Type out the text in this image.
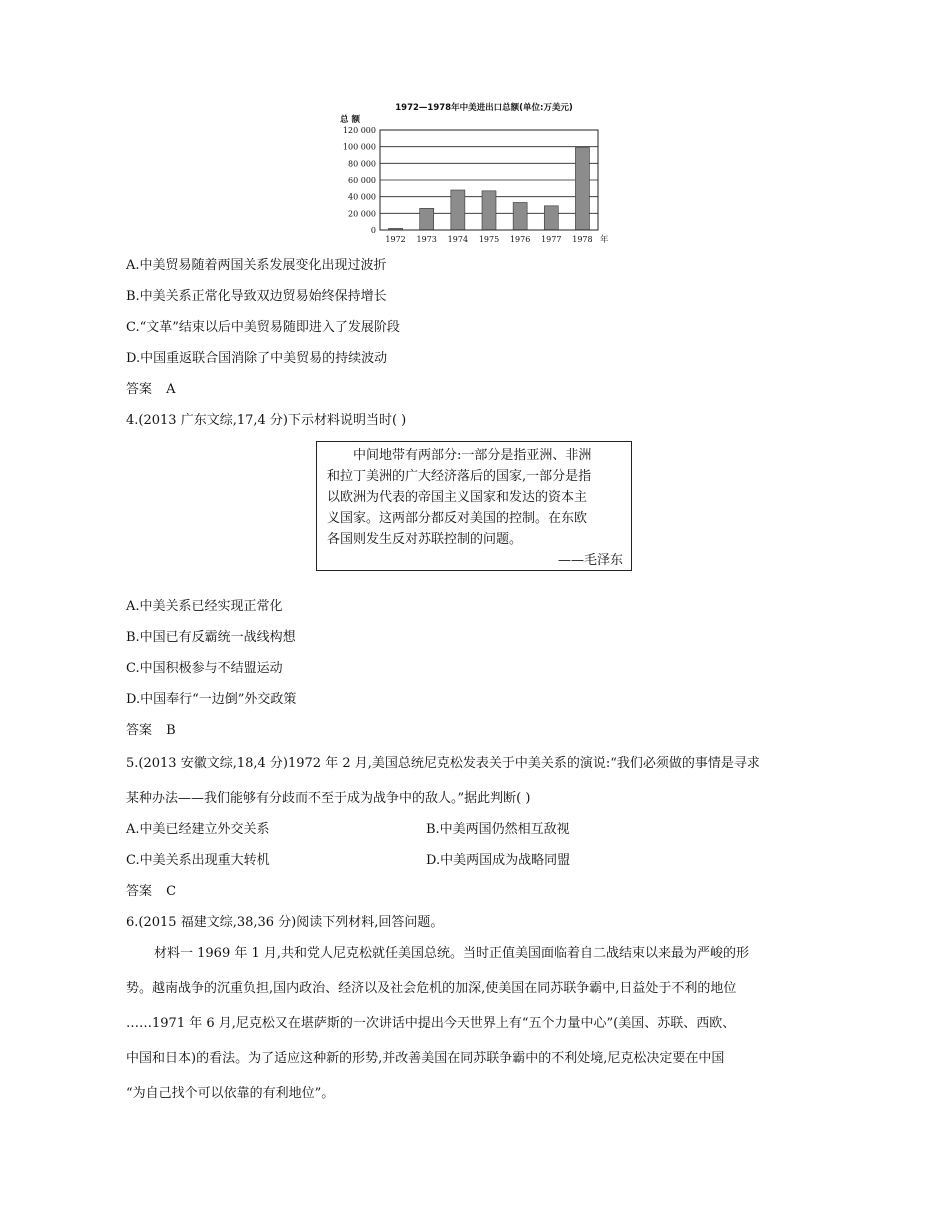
1972—1978年中美进出口总额(单位:万美元)
总 额
0
20 000
40 000
60 000
80 000
100 000
120 000
1972 1973 1974 1975 1976 1977 1978 年
A.中美贸易随着两国关系发展变化出现过波折
B.中美关系正常化导致双边贸易始终保持增长
C.“文革”结束以后中美贸易随即进入了发展阶段
D.中国重返联合国消除了中美贸易的持续波动
答案 A
4.(2013 广东文综,17,4 分)下示材料说明当时( )
中间地带有两部分:一部分是指亚洲、非洲
和拉丁美洲的广大经济落后的国家,一部分是指
以欧洲为代表的帝国主义国家和发达的资本主
义国家。这两部分都反对美国的控制。在东欧
各国则发生反对苏联控制的问题。
——毛泽东
A.中美关系已经实现正常化
B.中国已有反霸统一战线构想
C.中国积极参与不结盟运动
D.中国奉行“一边倒”外交政策
答案 B
5.(2013 安徽文综,18,4 分)1972 年 2 月,美国总统尼克松发表关于中美关系的演说:“我们必须做的事情是寻求
某种办法——我们能够有分歧而不至于成为战争中的敌人。”据此判断( )
A.中美已经建立外交关系	B.中美两国仍然相互敌视
C.中美关系出现重大转机	D.中美两国成为战略同盟
答案 C
6.(2015 福建文综,38,36 分)阅读下列材料,回答问题。
材料一 1969 年 1 月,共和党人尼克松就任美国总统。当时正值美国面临着自二战结束以来最为严峻的形
势。越南战争的沉重负担,国内政治、经济以及社会危机的加深,使美国在同苏联争霸中,日益处于不利的地位
……1971 年 6 月,尼克松又在堪萨斯的一次讲话中提出今天世界上有“五个力量中心”(美国、苏联、西欧、
中国和日本)的看法。为了适应这种新的形势,并改善美国在同苏联争霸中的不利处境,尼克松决定要在中国
“为自己找个可以依靠的有利地位”。
